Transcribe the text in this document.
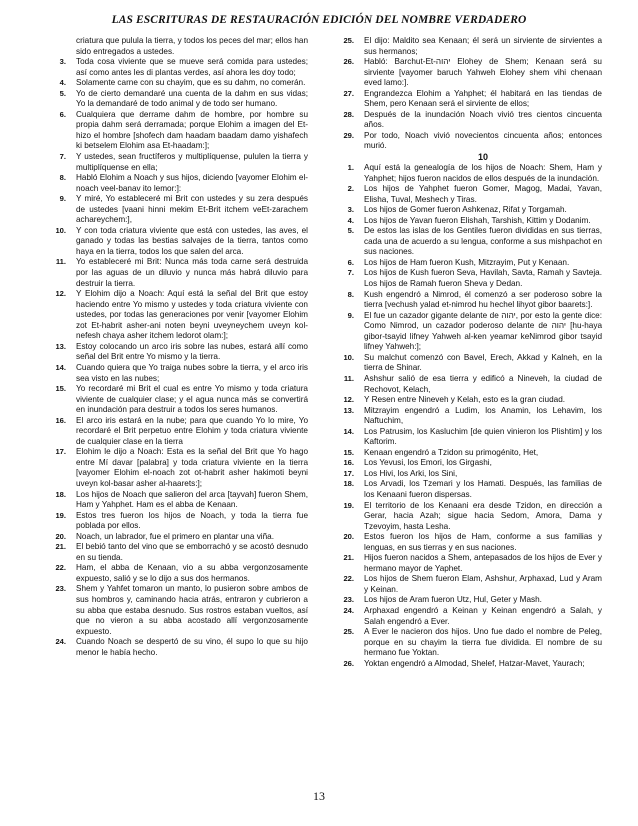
LAS ESCRITURAS DE RESTAURACIÓN EDICIÓN DEL NOMBRE VERDADERO
criatura que pulula la tierra, y todos los peces del mar; ellos han sido entregados a ustedes.
3. Toda cosa viviente que se mueve será comida para ustedes; así como antes les di plantas verdes, así ahora les doy todo;
4. Solamente carne con su chayim, que es su dahm, no comerán.
5. Yo de cierto demandaré una cuenta de la dahm en sus vidas; Yo la demandaré de todo animal y de todo ser humano.
6. Cualquiera que derrame dahm de hombre, por hombre su propia dahm será derramada; porque Elohim a imagen del Et-hizo el hombre [shofech dam haadam baadam damo yishafech ki betselem Elohim asa Et-haadam:];
7. Y ustedes, sean fructíferos y multiplíquense, pululen la tierra y multiplíquense en ella;
8. Habló Elohim a Noach y sus hijos, diciendo [vayomer Elohim el-noach veel-banav ito lemor:]:
9. Y miré, Yo estableceré mi Brit con ustedes y su zera después de ustedes [vaani hinni mekim Et-Brit itchem veEt-zarachem achareychem:],
10. Y con toda criatura viviente que está con ustedes, las aves, el ganado y todas las bestias salvajes de la tierra, tantos como haya en la tierra, todos los que salen del arca.
11. Yo estableceré mi Brit: Nunca más toda carne será destruida por las aguas de un diluvio y nunca más habrá diluvio para destruir la tierra.
12. Y Elohim dijo a Noach: Aquí está la señal del Brit que estoy haciendo entre Yo mismo y ustedes y toda criatura viviente con ustedes, por todas las generaciones por venir [vayomer Elohim zot Et-habrit asher-ani noten beyni uveyneychem uveyn kol-nefesh chaya asher itchem ledorot olam:];
13. Estoy colocando un arco iris sobre las nubes, estará allí como señal del Brit entre Yo mismo y la tierra.
14. Cuando quiera que Yo traiga nubes sobre la tierra, y el arco iris sea visto en las nubes;
15. Yo recordaré mi Brit el cual es entre Yo mismo y toda criatura viviente de cualquier clase; y el agua nunca más se convertirá en inundación para destruir a todos los seres humanos.
16. El arco iris estará en la nube; para que cuando Yo lo mire, Yo recordaré el Brit perpetuo entre Elohim y toda criatura viviente de cualquier clase en la tierra
17. Elohim le dijo a Noach: Esta es la señal del Brit que Yo hago entre Mí davar [palabra] y toda criatura viviente en la tierra [vayomer Elohim el-noach zot ot-habrit asher hakimoti beyni uveyn kol-basar asher al-haarets:];
18. Los hijos de Noach que salieron del arca [tayvah] fueron Shem, Ham y Yahphet. Ham es el abba de Kenaan.
19. Estos tres fueron los hijos de Noach, y toda la tierra fue poblada por ellos.
20. Noach, un labrador, fue el primero en plantar una viña.
21. El bebió tanto del vino que se emborrachó y se acostó desnudo en su tienda.
22. Ham, el abba de Kenaan, vio a su abba vergonzosamente expuesto, salió y se lo dijo a sus dos hermanos.
23. Shem y Yahfet tomaron un manto, lo pusieron sobre ambos de sus hombros y, caminando hacia atrás, entraron y cubrieron a su abba que estaba desnudo. Sus rostros estaban vueltos, así que no vieron a su abba acostado allí vergonzosamente expuesto.
24. Cuando Noach se despertó de su vino, él supo lo que su hijo menor le había hecho.
25. El dijo: Maldito sea Kenaan; él será un sirviente de sirvientes a sus hermanos;
26. Habló: Barchut-Et-יהוה Elohey de Shem; Kenaan será su sirviente [vayomer baruch Yahweh Elohey shem vihi chenaan eved lamo:].
27. Engrandezca Elohim a Yahphet; él habitará en las tiendas de Shem, pero Kenaan será el sirviente de ellos;
28. Después de la inundación Noach vivió tres cientos cincuenta años.
29. Por todo, Noach vivió novecientos cincuenta años; entonces murió.
10
1. Aquí está la genealogía de los hijos de Noach: Shem, Ham y Yahphet; hijos fueron nacidos de ellos después de la inundación.
2. Los hijos de Yahphet fueron Gomer, Magog, Madai, Yavan, Elisha, Tuval, Meshech y Tiras.
3. Los hijos de Gomer fueron Ashkenaz, Rifat y Torgamah.
4. Los hijos de Yavan fueron Elishah, Tarshish, Kittim y Dodanim.
5. De estos las islas de los Gentiles fueron divididas en sus tierras, cada una de acuerdo a su lengua, conforme a sus mishpachot en sus naciones.
6. Los hijos de Ham fueron Kush, Mitzrayim, Put y Kenaan.
7. Los hijos de Kush fueron Seva, Havilah, Savta, Ramah y Savteja. Los hijos de Ramah fueron Sheva y Dedan.
8. Kush engendró a Nimrod, él comenzó a ser poderoso sobre la tierra [vechush yalad et-nimrod hu hechel lihyot gibor baarets:].
9. El fue un cazador gigante delante de יהוה, por esto la gente dice: Como Nimrod, un cazador poderoso delante de יהוה [hu-haya gibor-tsayid lifney Yahweh al-ken yeamar keNimrod gibor tsayid lifney Yahweh:];
10. Su malchut comenzó con Bavel, Erech, Akkad y Kalneh, en la tierra de Shinar.
11. Ashshur salió de esa tierra y edificó a Nineveh, la ciudad de Rechovot, Kelach,
12. Y Resen entre Nineveh y Kelah, esto es la gran ciudad.
13. Mitzrayim engendró a Ludim, los Anamin, los Lehavim, los Naftuchim,
14. Los Patrusim, los Kasluchim [de quien vinieron los Plishtim] y los Kaftorim.
15. Kenaan engendró a Tzidon su primogénito, Het,
16. Los Yevusi, los Emori, los Girgashi,
17. Los Hivi, los Arki, los Sini,
18. Los Arvadi, los Tzemari y los Hamati. Después, las familias de los Kenaani fueron dispersas.
19. El territorio de los Kenaani era desde Tzidon, en dirección a Gerar, hacia Azah; sigue hacia Sedom, Amora, Dama y Tzevoyim, hasta Lesha.
20. Estos fueron los hijos de Ham, conforme a sus familias y lenguas, en sus tierras y en sus naciones.
21. Hijos fueron nacidos a Shem, antepasados de los hijos de Ever y hermano mayor de Yaphet.
22. Los hijos de Shem fueron Elam, Ashshur, Arphaxad, Lud y Aram y Keinan.
23. Los hijos de Aram fueron Utz, Hul, Geter y Mash.
24. Arphaxad engendró a Keinan y Keinan engendró a Salah, y Salah engendró a Ever.
25. A Ever le nacieron dos hijos. Uno fue dado el nombre de Peleg, porque en su chayim la tierra fue dividida. El nombre de su hermano fue Yoktan.
26. Yoktan engendró a Almodad, Shelef, Hatzar-Mavet, Yaurach;
13
